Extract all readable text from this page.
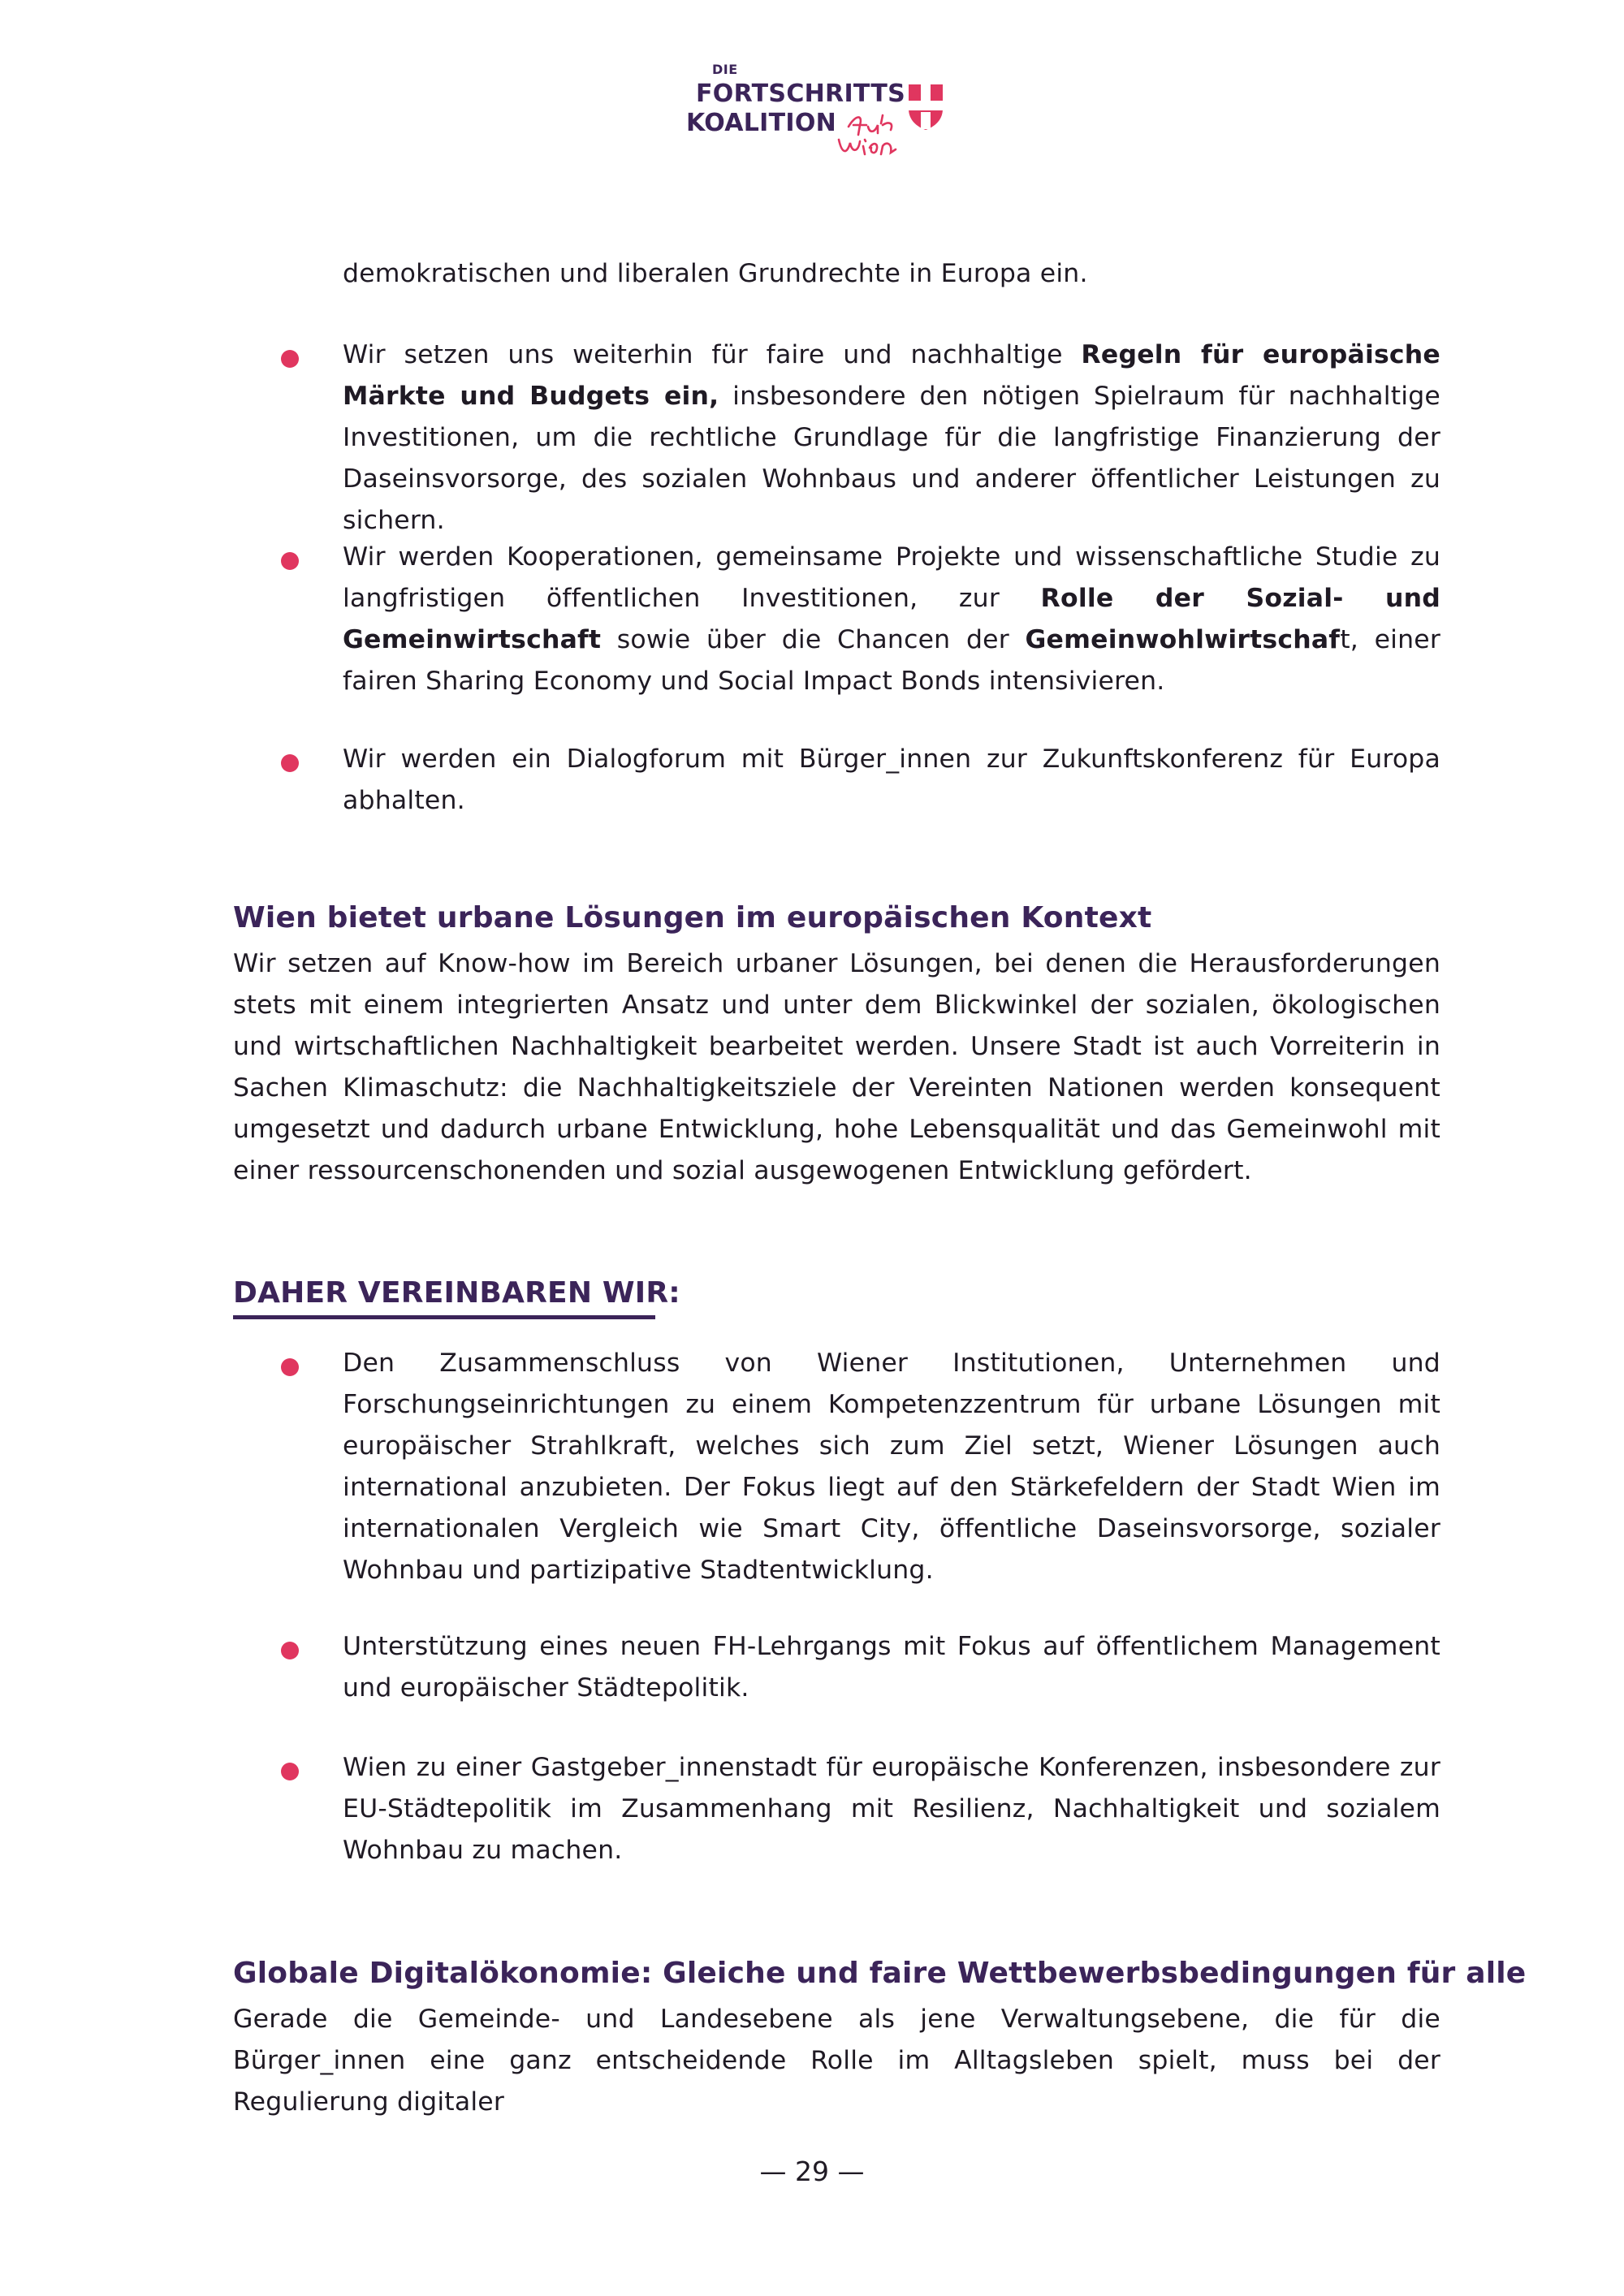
DIE
FORTSCHRITTS
KOALITION
demokratischen und liberalen Grundrechte in Europa ein.
Wir setzen uns weiterhin für faire und nachhaltige Regeln für europäische Märkte und Budgets ein, insbesondere den nötigen Spielraum für nachhaltige Investitionen, um die rechtliche Grundlage für die langfristige Finanzierung der Daseinsvorsorge, des sozialen Wohnbaus und anderer öffentlicher Leistungen zu sichern.
Wir werden Kooperationen, gemeinsame Projekte und wissenschaftliche Studie zu langfristigen öffentlichen Investitionen, zur Rolle der Sozial- und Gemeinwirtschaft sowie über die Chancen der Gemeinwohlwirtschaft, einer fairen Sharing Economy und Social Impact Bonds intensivieren.
Wir werden ein Dialogforum mit Bürger_innen zur Zukunftskonferenz für Europa abhalten.
Wien bietet urbane Lösungen im europäischen Kontext
Wir setzen auf Know-how im Bereich urbaner Lösungen, bei denen die Herausforderungen stets mit einem integrierten Ansatz und unter dem Blickwinkel der sozialen, ökologischen und wirtschaftlichen Nachhaltigkeit bearbeitet werden. Unsere Stadt ist auch Vorreiterin in Sachen Klimaschutz: die Nachhaltigkeitsziele der Vereinten Nationen werden konsequent umgesetzt und dadurch urbane Entwicklung, hohe Lebensqualität und das Gemeinwohl mit einer ressourcenschonenden und sozial ausgewogenen Entwicklung gefördert.
DAHER VEREINBAREN WIR:
Den Zusammenschluss von Wiener Institutionen, Unternehmen und Forschungseinrichtungen zu einem Kompetenzzentrum für urbane Lösungen mit europäischer Strahlkraft, welches sich zum Ziel setzt, Wiener Lösungen auch international anzubieten. Der Fokus liegt auf den Stärkefeldern der Stadt Wien im internationalen Vergleich wie Smart City, öffentliche Daseinsvorsorge, sozialer Wohnbau und partizipative Stadtentwicklung.
Unterstützung eines neuen FH-Lehrgangs mit Fokus auf öffentlichem Management und europäischer Städtepolitik.
Wien zu einer Gastgeber_innenstadt für europäische Konferenzen, insbesondere zur EU-Städtepolitik im Zusammenhang mit Resilienz, Nachhaltigkeit und sozialem Wohnbau zu machen.
Globale Digitalökonomie: Gleiche und faire Wettbewerbsbedingungen für alle
Gerade die Gemeinde- und Landesebene als jene Verwaltungsebene, die für die Bürger_innen eine ganz entscheidende Rolle im Alltagsleben spielt, muss bei der Regulierung digitaler
— 29 —
